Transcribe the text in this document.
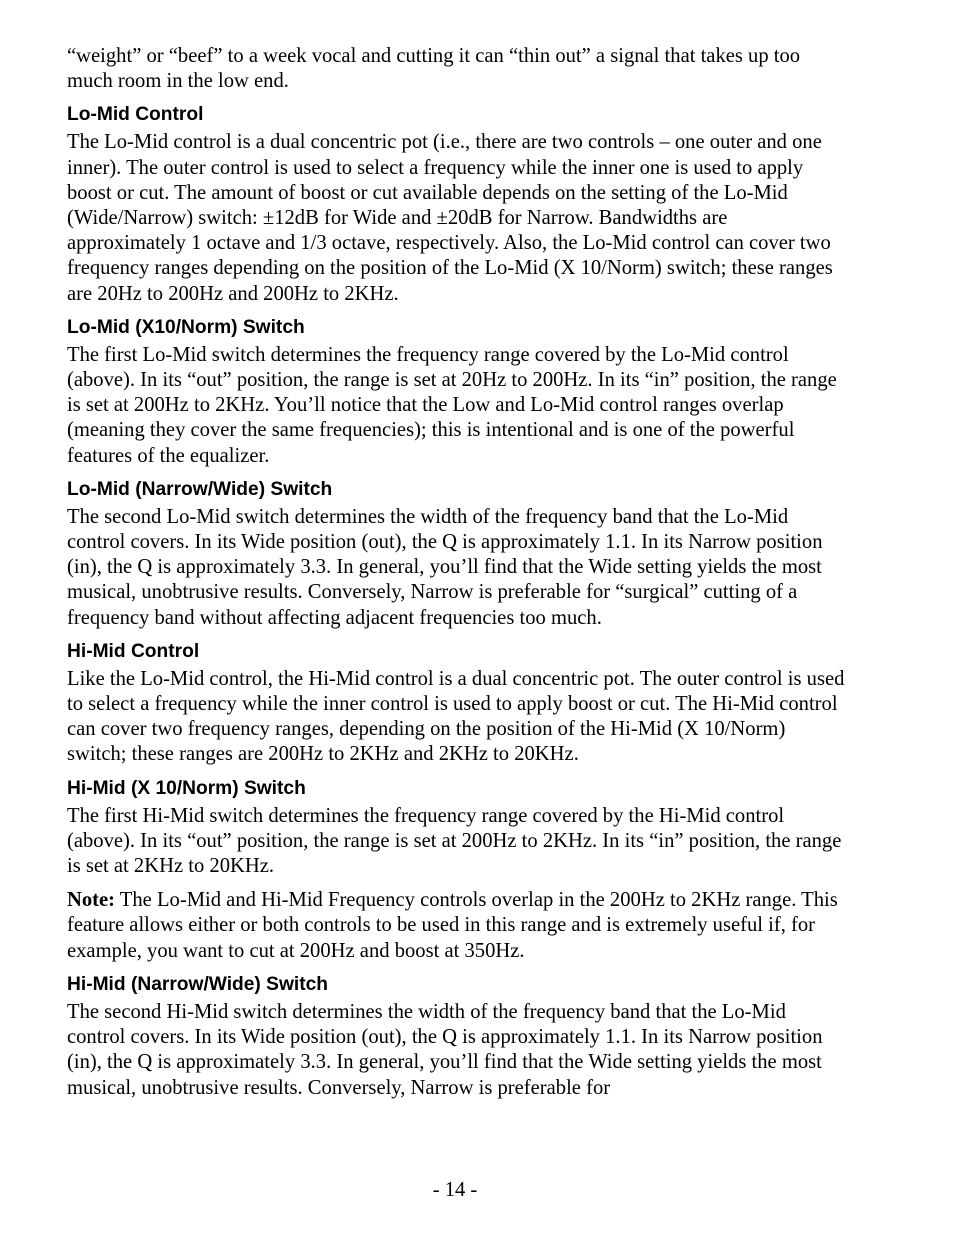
“weight” or “beef” to a week vocal and cutting it can “thin out” a signal that takes up too much room in the low end.

Lo-Mid Control

The Lo-Mid control is a dual concentric pot (i.e., there are two controls – one outer and one inner). The outer control is used to select a frequency while the inner one is used to apply boost or cut. The amount of boost or cut available depends on the setting of the Lo-Mid (Wide/Narrow) switch: ±12dB for Wide and ±20dB for Narrow. Bandwidths are approximately 1 octave and 1/3 octave, respectively. Also, the Lo-Mid control can cover two frequency ranges depending on the position of the Lo-Mid (X 10/Norm) switch; these ranges are 20Hz to 200Hz and 200Hz to 2KHz.

Lo-Mid (X10/Norm) Switch

The first Lo-Mid switch determines the frequency range covered by the Lo-Mid control (above). In its “out” position, the range is set at 20Hz to 200Hz. In its “in” position, the range is set at 200Hz to 2KHz. You’ll notice that the Low and Lo-Mid control ranges overlap (meaning they cover the same frequencies); this is intentional and is one of the powerful features of the equalizer.

Lo-Mid (Narrow/Wide) Switch

The second Lo-Mid switch determines the width of the frequency band that the Lo-Mid control covers. In its Wide position (out), the Q is approximately 1.1. In its Narrow position (in), the Q is approximately 3.3. In general, you’ll find that the Wide setting yields the most musical, unobtrusive results. Conversely, Narrow is preferable for “surgical” cutting of a frequency band without affecting adjacent frequencies too much.

Hi-Mid Control

Like the Lo-Mid control, the Hi-Mid control is a dual concentric pot. The outer control is used to select a frequency while the inner control is used to apply boost or cut. The Hi-Mid control can cover two frequency ranges, depending on the position of the Hi-Mid (X 10/Norm) switch; these ranges are 200Hz to 2KHz and 2KHz to 20KHz.

Hi-Mid (X 10/Norm) Switch

The first Hi-Mid switch determines the frequency range covered by the Hi-Mid control (above). In its “out” position, the range is set at 200Hz to 2KHz. In its “in” position, the range is set at 2KHz to 20KHz.

Note: The Lo-Mid and Hi-Mid Frequency controls overlap in the 200Hz to 2KHz range. This feature allows either or both controls to be used in this range and is extremely useful if, for example, you want to cut at 200Hz and boost at 350Hz.

Hi-Mid (Narrow/Wide) Switch

The second Hi-Mid switch determines the width of the frequency band that the Lo-Mid control covers. In its Wide position (out), the Q is approximately 1.1. In its Narrow position (in), the Q is approximately 3.3. In general, you’ll find that the Wide setting yields the most musical, unobtrusive results. Conversely, Narrow is preferable for

- 14 -
